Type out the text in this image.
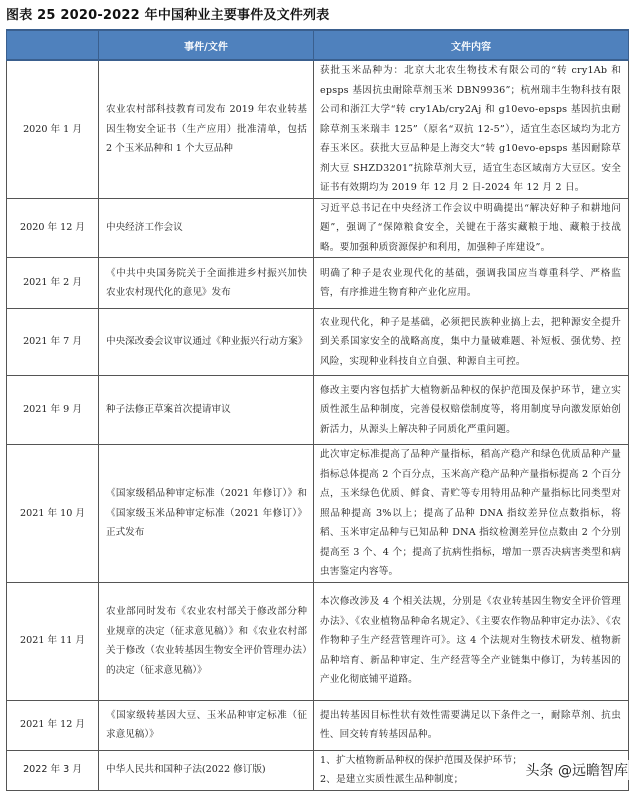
图表 25 2020-2022 年中国种业主要事件及文件列表
	事件/文件	文件内容
2020 年 1 月	农业农村部科技教育司发布 2019 年农业转基因生物安全证书（生产应用）批准清单，包括 2 个玉米品种和 1 个大豆品种	获批玉米品种为：北京大北农生物技术有限公司的“转 cry1Ab 和 epsps 基因抗虫耐除草剂玉米 DBN9936”；杭州瑞丰生物科技有限公司和浙江大学“转 cry1Ab/cry2Aj 和 g10evo-epsps 基因抗虫耐除草剂玉米瑞丰 125”（原名“双抗 12-5”），适宜生态区域均为北方春玉米区。获批大豆品种是上海交大“转 g10evo-epsps 基因耐除草剂大豆 SHZD3201”抗除草剂大豆，适宜生态区域南方大豆区。安全证书有效期均为 2019 年 12 月 2 日-2024 年 12 月 2 日。
2020 年 12 月	中央经济工作会议	习近平总书记在中央经济工作会议中明确提出“解决好种子和耕地问题”，强调了“保障粮食安全，关键在于落实藏粮于地、藏粮于技战略。要加强种质资源保护和利用，加强种子库建设”。
2021 年 2 月	《中共中央国务院关于全面推进乡村振兴加快农业农村现代化的意见》发布	明确了种子是农业现代化的基础，强调我国应当尊重科学、严格监管，有序推进生物育种产业化应用。
2021 年 7 月	中央深改委会议审议通过《种业振兴行动方案》	农业现代化，种子是基础，必须把民族种业搞上去，把种源安全提升到关系国家安全的战略高度，集中力量破难题、补短板、强优势、控风险，实现种业科技自立自强、种源自主可控。
2021 年 9 月	种子法修正草案首次提请审议	修改主要内容包括扩大植物新品种权的保护范围及保护环节，建立实质性派生品种制度，完善侵权赔偿制度等，将用制度导向激发原始创新活力，从源头上解决种子同质化严重问题。
2021 年 10 月	《国家级稻品种审定标准（2021 年修订）》和《国家级玉米品种审定标准（2021 年修订）》正式发布	此次审定标准提高了品种产量指标，稻高产稳产和绿色优质品种产量指标总体提高 2 个百分点，玉米高产稳产品种产量指标提高 2 个百分点，玉米绿色优质、鲜食、青贮等专用特用品种产量指标比同类型对照品种提高 3%以上；提高了品种 DNA 指纹差异位点数指标，将稻、玉米审定品种与已知品种 DNA 指纹检测差异位点数由 2 个分别提高至 3 个、4 个；提高了抗病性指标，增加一票否决病害类型和病虫害鉴定内容等。
2021 年 11 月	农业部同时发布《农业农村部关于修改部分种业规章的决定（征求意见稿）》和《农业农村部关于修改（农业转基因生物安全评价管理办法）的决定（征求意见稿）》	本次修改涉及 4 个相关法规，分别是《农业转基因生物安全评价管理办法》、《农业植物品种命名规定》、《主要农作物品种审定办法》、《农作物种子生产经营管理许可》。这 4 个法规对生物技术研发、植物新品种培育、新品种审定、生产经营等全产业链集中修订，为转基因的产业化彻底铺平道路。
2021 年 12 月	《国家级转基因大豆、玉米品种审定标准（征求意见稿）》	提出转基因目标性状有效性需要满足以下条件之一，耐除草剂、抗虫性、回交转育转基因品种。
2022 年 3 月	中华人民共和国种子法(2022 修订版)	1、扩大植物新品种权的保护范围及保护环节；
2、是建立实质性派生品种制度；
头条 @远瞻智库
